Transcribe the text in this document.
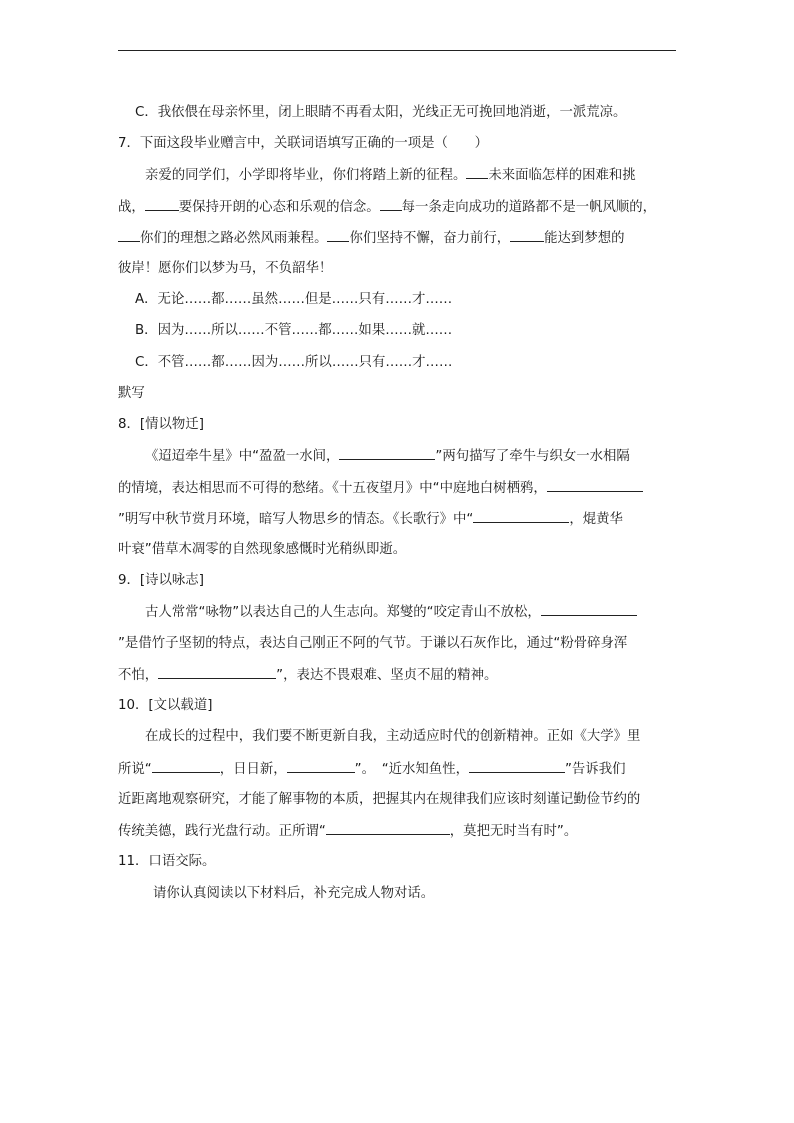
C．我依偎在母亲怀里，闭上眼睛不再看太阳，光线正无可挽回地消逝，一派荒凉。
7．下面这段毕业赠言中，关联词语填写正确的一项是（　　）
亲爱的同学们，小学即将毕业，你们将踏上新的征程。 未来面临怎样的困难和挑
战，	要保持开朗的心态和乐观的信念。 每一条走向成功的道路都不是一帆风顺的，
你们的理想之路必然风雨兼程。 你们坚持不懈，奋力前行，	能达到梦想的
彼岸！愿你们以梦为马，不负韶华！
A．无论……都……虽然……但是……只有……才……
B．因为……所以……不管……都……如果……就……
C．不管……都……因为……所以……只有……才……
默写
8．[情以物迁]
《迢迢牵牛星》中“盈盈一水间，	”两句描写了牵牛与织女一水相隔
的情境，表达相思而不可得的愁绪。《十五夜望月》中“中庭地白树栖鸦，
”明写中秋节赏月环境，暗写人物思乡的情态。《长歌行》中“	，焜黄华
叶衰”借草木凋零的自然现象感慨时光稍纵即逝。
9．[诗以咏志]
古人常常“咏物”以表达自己的人生志向。郑燮的“咬定青山不放松，
”是借竹子坚韧的特点，表达自己刚正不阿的气节。于谦以石灰作比，通过“粉骨碎身浑
不怕，	”，表达不畏艰难、坚贞不屈的精神。
10．[文以载道]
在成长的过程中，我们要不断更新自我，主动适应时代的创新精神。正如《大学》里
所说“	，日日新，	”。　“近水知鱼性，	”告诉我们
近距离地观察研究，才能了解事物的本质，把握其内在规律我们应该时刻谨记勤俭节约的
传统美德，践行光盘行动。正所谓“	，莫把无时当有时”。
11．口语交际。
请你认真阅读以下材料后，补充完成人物对话。
